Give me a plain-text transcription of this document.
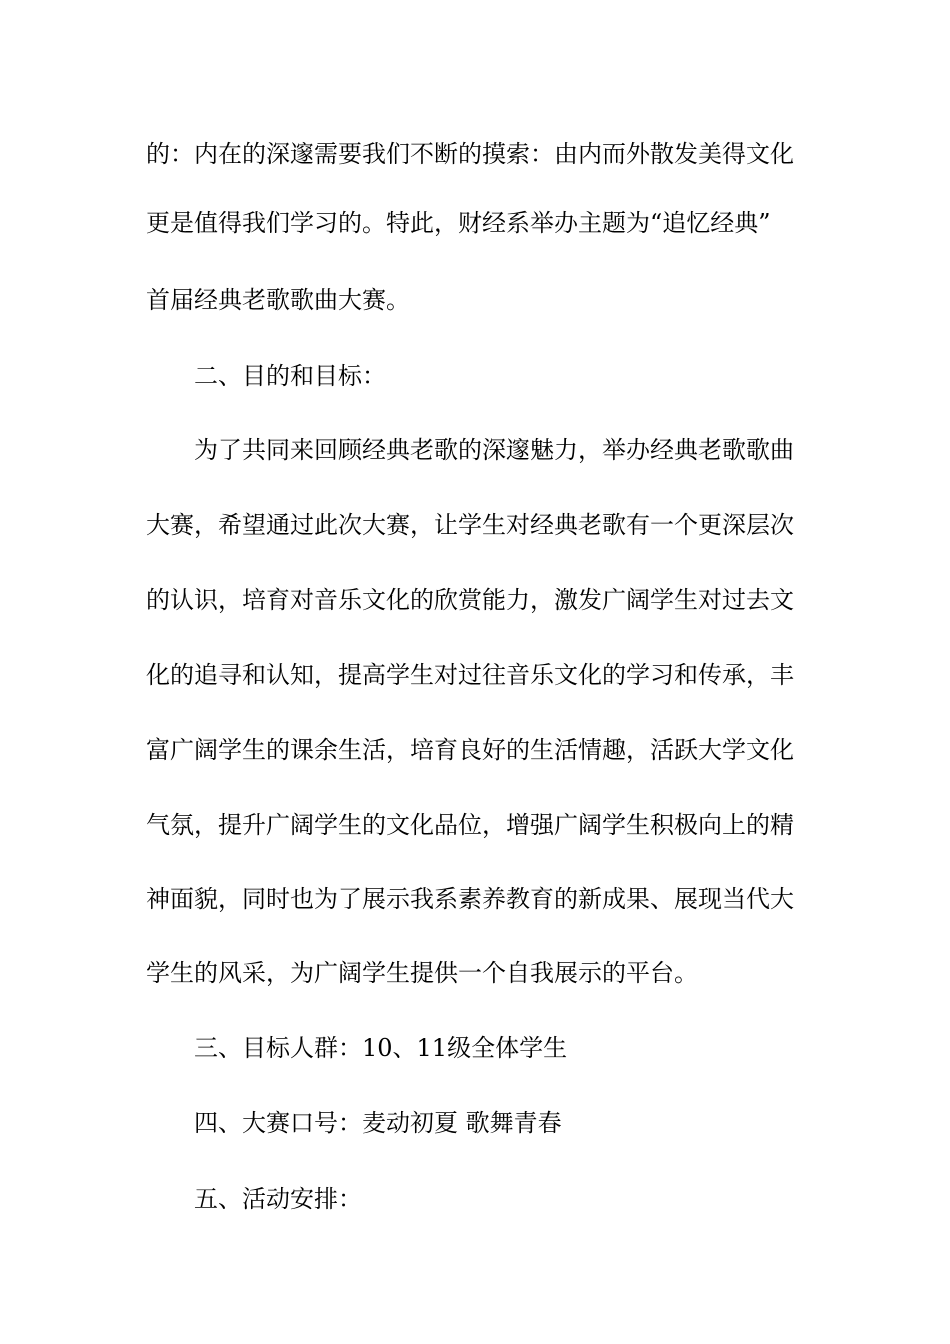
的：内在的深邃需要我们不断的摸索：由内而外散发美得文化
更是值得我们学习的。特此，财经系举办主题为“追忆经典”
首届经典老歌歌曲大赛。
二、目的和目标：
为了共同来回顾经典老歌的深邃魅力，举办经典老歌歌曲
大赛，希望通过此次大赛，让学生对经典老歌有一个更深层次
的认识，培育对音乐文化的欣赏能力，激发广阔学生对过去文
化的追寻和认知，提高学生对过往音乐文化的学习和传承，丰
富广阔学生的课余生活，培育良好的生活情趣，活跃大学文化
气氛，提升广阔学生的文化品位，增强广阔学生积极向上的精
神面貌，同时也为了展示我系素养教育的新成果、展现当代大
学生的风采，为广阔学生提供一个自我展示的平台。
三、目标人群：10、11级全体学生
四、大赛口号：麦动初夏 歌舞青春
五、活动安排：
